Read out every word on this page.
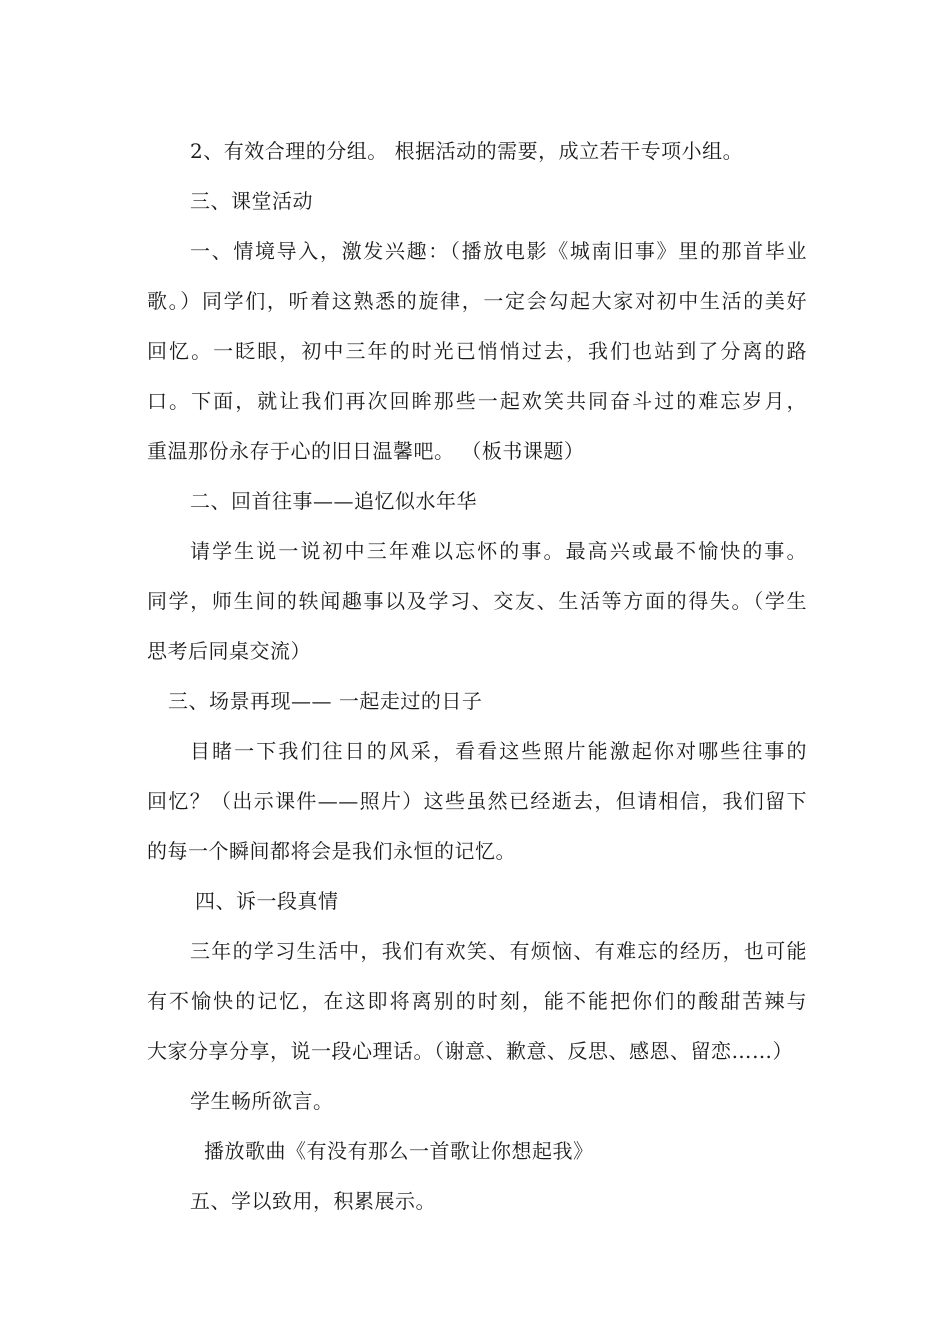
2、有效合理的分组。 根据活动的需要，成立若干专项小组。
三、课堂活动
一、情境导入，激发兴趣：（播放电影《城南旧事》里的那首毕业
歌。）同学们，听着这熟悉的旋律，一定会勾起大家对初中生活的美好
回忆。一眨眼，初中三年的时光已悄悄过去，我们也站到了分离的路
口。下面，就让我们再次回眸那些一起欢笑共同奋斗过的难忘岁月，
重温那份永存于心的旧日温馨吧。 （板书课题）
二、回首往事——追忆似水年华
请学生说一说初中三年难以忘怀的事。最高兴或最不愉快的事。
同学，师生间的轶闻趣事以及学习、交友、生活等方面的得失。（学生
思考后同桌交流）
三、场景再现—— 一起走过的日子
目睹一下我们往日的风采，看看这些照片能激起你对哪些往事的
回忆？（出示课件——照片）这些虽然已经逝去，但请相信，我们留下
的每一个瞬间都将会是我们永恒的记忆。
四、诉一段真情
三年的学习生活中，我们有欢笑、有烦恼、有难忘的经历，也可能
有不愉快的记忆，在这即将离别的时刻，能不能把你们的酸甜苦辣与
大家分享分享，说一段心理话。（谢意、歉意、反思、感恩、留恋……）
学生畅所欲言。
播放歌曲《有没有那么一首歌让你想起我》
五、学以致用，积累展示。
